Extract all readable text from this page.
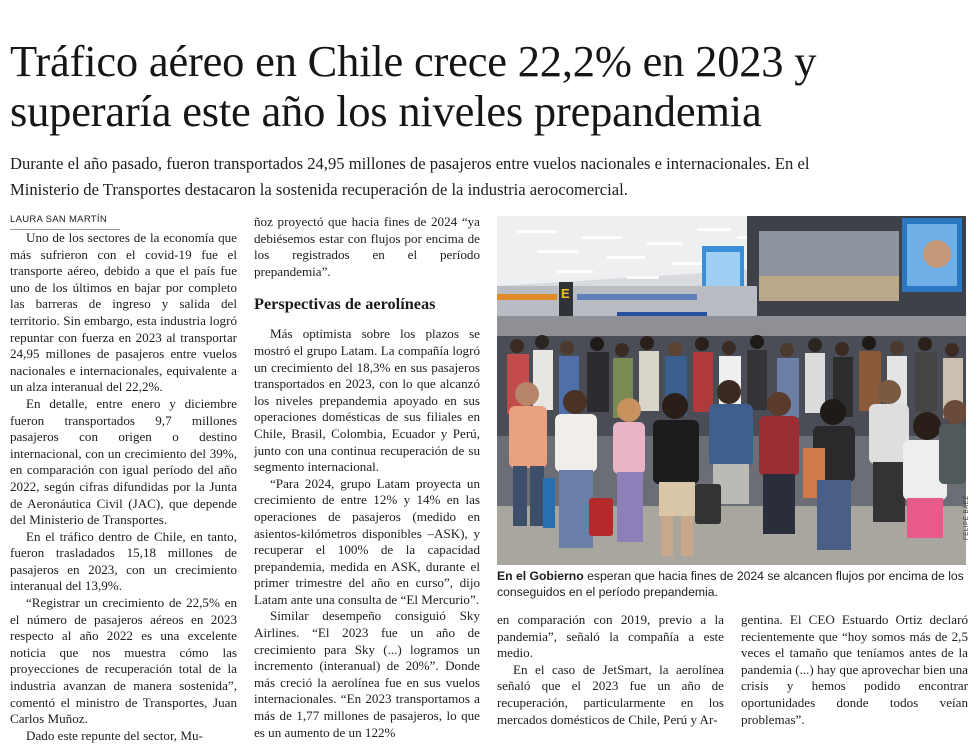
Tráfico aéreo en Chile crece 22,2% en 2023 y
superaría este año los niveles prepandemia

Durante el año pasado, fueron transportados 24,95 millones de pasajeros entre vuelos nacionales e internacionales. En el
Ministerio de Transportes destacaron la sostenida recuperación de la industria aerocomercial.

LAURA SAN MARTÍN

Uno de los sectores de la economía que más sufrieron con el covid-19 fue el transporte aéreo, debido a que el país fue uno de los últimos en bajar por completo las barreras de ingreso y salida del territorio. Sin embargo, esta industria logró repuntar con fuerza en 2023 al transportar 24,95 millones de pasajeros entre vuelos nacionales e internacionales, equivalente a un alza interanual del 22,2%.

En detalle, entre enero y diciembre fueron transportados 9,7 millones pasajeros con origen o destino internacional, con un crecimiento del 39%, en comparación con igual período del año 2022, según cifras difundidas por la Junta de Aeronáutica Civil (JAC), que depende del Ministerio de Transportes.

En el tráfico dentro de Chile, en tanto, fueron trasladados 15,18 millones de pasajeros en 2023, con un crecimiento interanual del 13,9%.

“Registrar un crecimiento de 22,5% en el número de pasajeros aéreos en 2023 respecto al año 2022 es una excelente noticia que nos muestra cómo las proyecciones de recuperación total de la industria avanzan de manera sostenida”, comentó el ministro de Transportes, Juan Carlos Muñoz.

Dado este repunte del sector, Mu-

ñoz proyectó que hacia fines de 2024 “ya debiésemos estar con flujos por encima de los registrados en el período prepandemia”.

Perspectivas de aerolíneas

Más optimista sobre los plazos se mostró el grupo Latam. La compañía logró un crecimiento del 18,3% en sus pasajeros transportados en 2023, con lo que alcanzó los niveles prepandemia apoyado en sus operaciones domésticas de sus filiales en Chile, Brasil, Colombia, Ecuador y Perú, junto con una continua recuperación de su segmento internacional.

“Para 2024, grupo Latam proyecta un crecimiento de entre 12% y 14% en las operaciones de pasajeros (medido en asientos-kilómetros disponibles –ASK), y recuperar el 100% de la capacidad prepandemia, medida en ASK, durante el primer trimestre del año en curso”, dijo Latam ante una consulta de “El Mercurio”.

Similar desempeño consiguió Sky Airlines. “El 2023 fue un año de crecimiento para Sky (...) logramos un incremento (interanual) de 20%”. Donde más creció la aerolínea fue en sus vuelos internacionales. “En 2023 transportamos a más de 1,77 millones de pasajeros, lo que es un aumento de un 122%

E
FELIPE BÁEZ

En el Gobierno esperan que hacia fines de 2024 se alcancen flujos por encima de los conseguidos en el período prepandemia.

en comparación con 2019, previo a la pandemia”, señaló la compañía a este medio.

En el caso de JetSmart, la aerolínea señaló que el 2023 fue un año de recuperación, particularmente en los mercados domésticos de Chile, Perú y Ar-

gentina. El CEO Estuardo Ortiz declaró recientemente que “hoy somos más de 2,5 veces el tamaño que teníamos antes de la pandemia (...) hay que aprovechar bien una crisis y hemos podido encontrar oportunidades donde todos veían problemas”.
